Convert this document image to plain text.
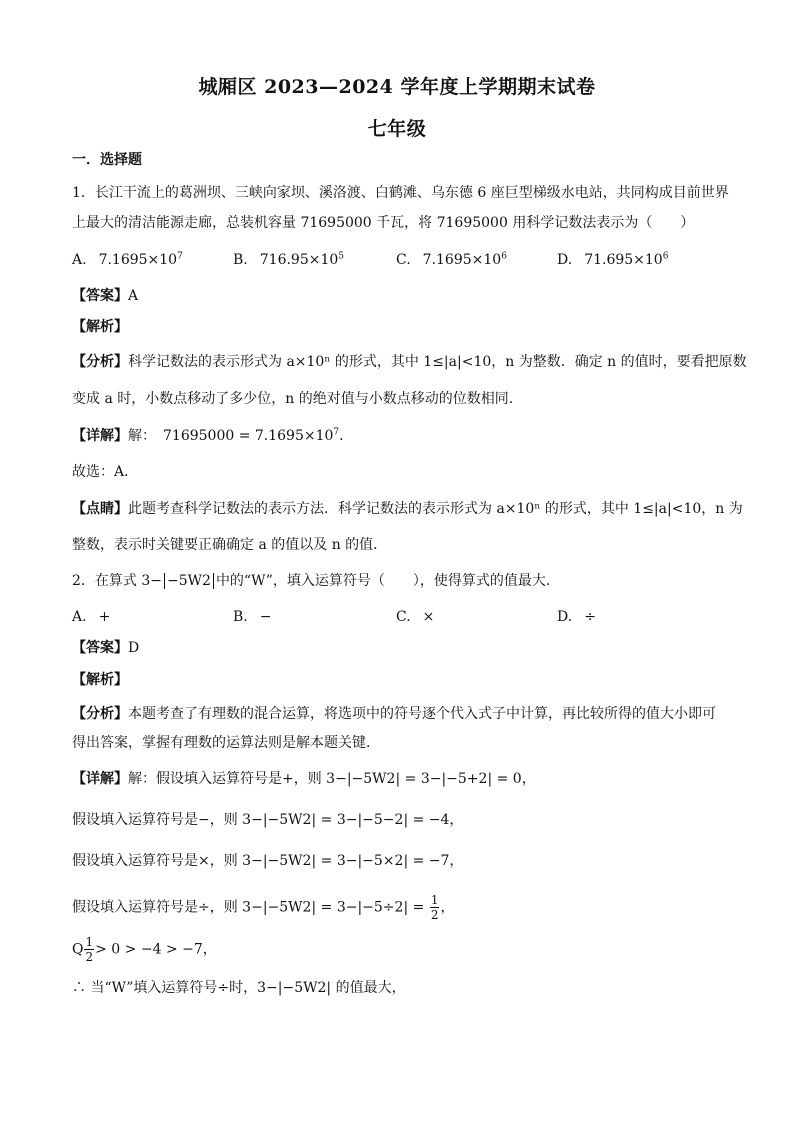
城厢区 2023—2024 学年度上学期期末试卷
七年级
一．选择题
1．长江干流上的葛洲坝、三峡向家坝、溪洛渡、白鹤滩、乌东德 6 座巨型梯级水电站，共同构成目前世界
上最大的清洁能源走廊，总装机容量 71695000 千瓦，将 71695000 用科学记数法表示为（　　）
A. $7.1695\times 10^7$	B. $716.95\times 10^5$	C. $7.1695\times 10^6$	D. $71.695\times 10^6$
【答案】A
【解析】
【分析】科学记数法的表示形式为 a×10ⁿ 的形式，其中 1≤|a|<10，n 为整数．确定 n 的值时，要看把原数
变成 a 时，小数点移动了多少位，n 的绝对值与小数点移动的位数相同．
【详解】解：　$71695000 = 7.1695\times 10^7$．
故选：A．
【点睛】此题考查科学记数法的表示方法．科学记数法的表示形式为 a×10ⁿ 的形式，其中 1≤|a|<10，n 为
整数，表示时关键要正确确定 a 的值以及 n 的值．
2．在算式 3− −5W2 中的“W”，填入运算符号（　　），使得算式的值最大．
A. +	B. −	C. ×	D. ÷
【答案】D
【解析】
【分析】本题考查了有理数的混合运算，将选项中的符号逐个代入式子中计算，再比较所得的值大小即可
得出答案，掌握有理数的运算法则是解本题关键．
【详解】解：假设填入运算符号是+，则 3−|−5W2| = 3−|−5+2| = 0，
假设填入运算符号是−，则 3−|−5W2| = 3−|−5−2| = −4，
假设填入运算符号是×，则 3−|−5W2| = 3−|−5×2| = −7，
假设填入运算符号是÷，则 $3-|-5W2| = 3-|-5\div 2| = \frac{1}{2}$ ，
Q $\frac{1}{2} > 0 > -4 > -7$，
∴ 当“W”填入运算符号÷时，3−|−5W2| 的值最大，
